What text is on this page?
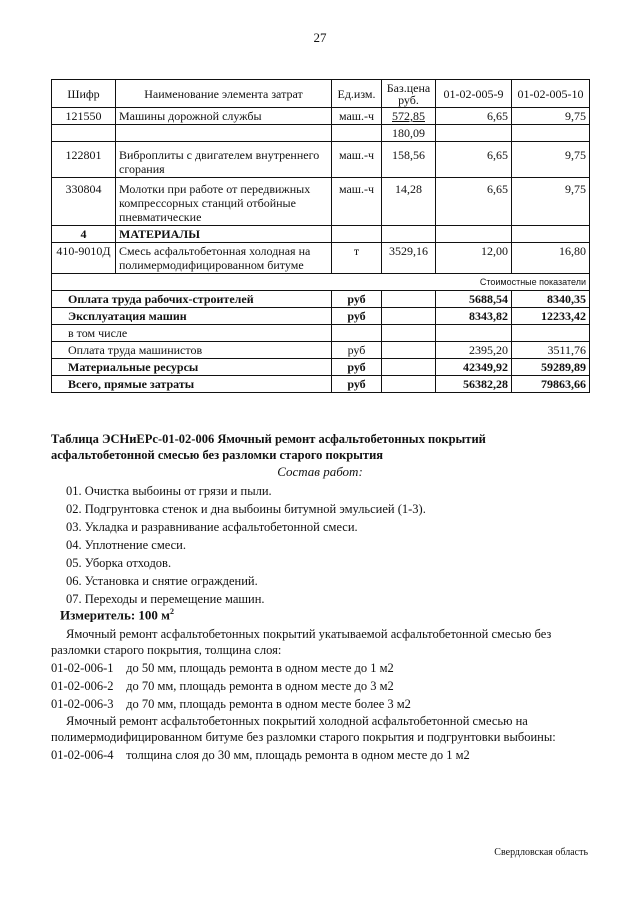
27
Шифр	Наименование элемента затрат	Ед.изм.	Баз.цена руб.	01-02-005-9	01-02-005-10
121550	Машины дорожной службы	маш.-ч	572,85	6,65	9,75
			180,09		
122801	Виброплиты с двигателем внутреннего сгорания	маш.-ч	158,56	6,65	9,75
330804	Молотки при работе от передвижных компрессорных станций отбойные пневматические	маш.-ч	14,28	6,65	9,75
4	МАТЕРИАЛЫ				
410-9010Д	Смесь асфальтобетонная холодная на полимермодифицированном битуме	т	3529,16	12,00	16,80
Стоимостные показатели					
Оплата труда рабочих-строителей		руб		5688,54	8340,35
Эксплуатация машин		руб		8343,82	12233,42
в том числе					
Оплата труда машинистов		руб		2395,20	3511,76
Материальные ресурсы		руб		42349,92	59289,89
Всего, прямые затраты		руб		56382,28	79863,66
Таблица ЭСНиЕРс-01-02-006 Ямочный ремонт асфальтобетонных покрытий
асфальтобетонной смесью без разломки старого покрытия
Состав работ:
01. Очистка выбоины от грязи и пыли.
02. Подгрунтовка стенок и дна выбоины битумной эмульсией (1-3).
03. Укладка и разравнивание асфальтобетонной смеси.
04. Уплотнение смеси.
05. Уборка отходов.
06. Установка и снятие ограждений.
07. Переходы и перемещение машин.
Измеритель: 100 $м^2$
Ямочный ремонт асфальтобетонных покрытий укатываемой асфальтобетонной смесью без разломки старого покрытия, толщина слоя:
01-02-006-1 до 50 мм, площадь ремонта в одном месте до 1 м2
01-02-006-2 до 70 мм, площадь ремонта в одном месте до 3 м2
01-02-006-3 до 70 мм, площадь ремонта в одном месте более 3 м2
Ямочный ремонт асфальтобетонных покрытий холодной асфальтобетонной смесью на полимермодифицированном битуме без разломки старого покрытия и подгрунтовки выбоины:
01-02-006-4 толщина слоя до 30 мм, площадь ремонта в одном месте до 1 м2
Свердловская область
